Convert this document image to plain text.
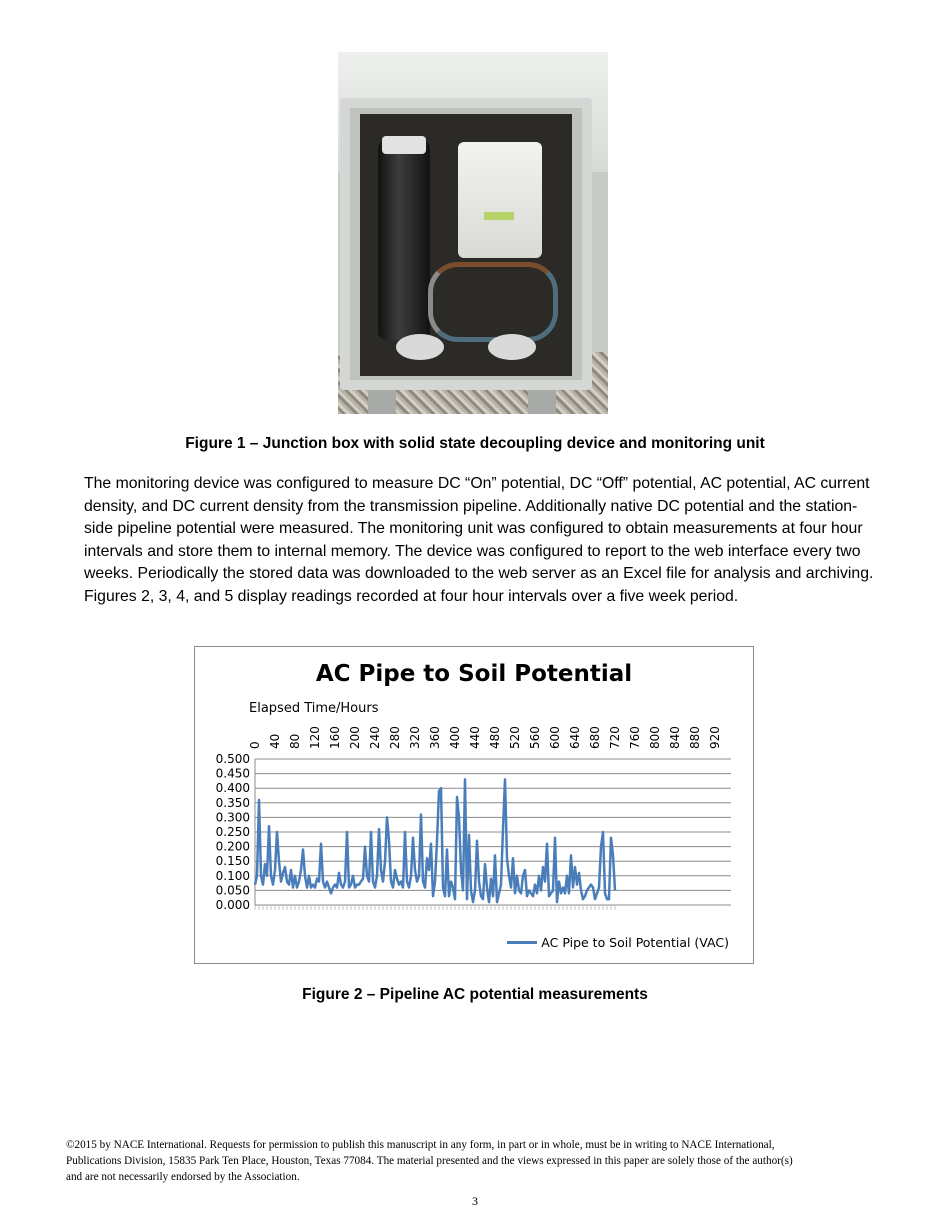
Figure 1 – Junction box with solid state decoupling device and monitoring unit

The monitoring device was configured to measure DC “On” potential, DC “Off” potential, AC potential, AC current density, and DC current density from the transmission pipeline. Additionally native DC potential and the station-side pipeline potential were measured. The monitoring unit was configured to obtain measurements at four hour intervals and store them to internal memory. The device was configured to report to the web interface every two weeks. Periodically the stored data was downloaded to the web server as an Excel file for analysis and archiving. Figures 2, 3, 4, and 5 display readings recorded at four hour intervals over a five week period.

0.000
0.050
0.100
0.150
0.200
0.250
0.300
0.350
0.400
0.450
0.500
0 40 80 120 160 200 240 280 320 360 400 440 480 520 560 600 640 680 720 760 800 840 880 920
AC Pipe to Soil Potential
Elapsed Time/Hours
AC Pipe to Soil Potential (VAC)
Figure 2 – Pipeline AC potential measurements

©2015 by NACE International. Requests for permission to publish this manuscript in any form, in part or in whole, must be in writing to NACE International, Publications Division, 15835 Park Ten Place, Houston, Texas 77084. The material presented and the views expressed in this paper are solely those of the author(s) and are not necessarily endorsed by the Association.

3
